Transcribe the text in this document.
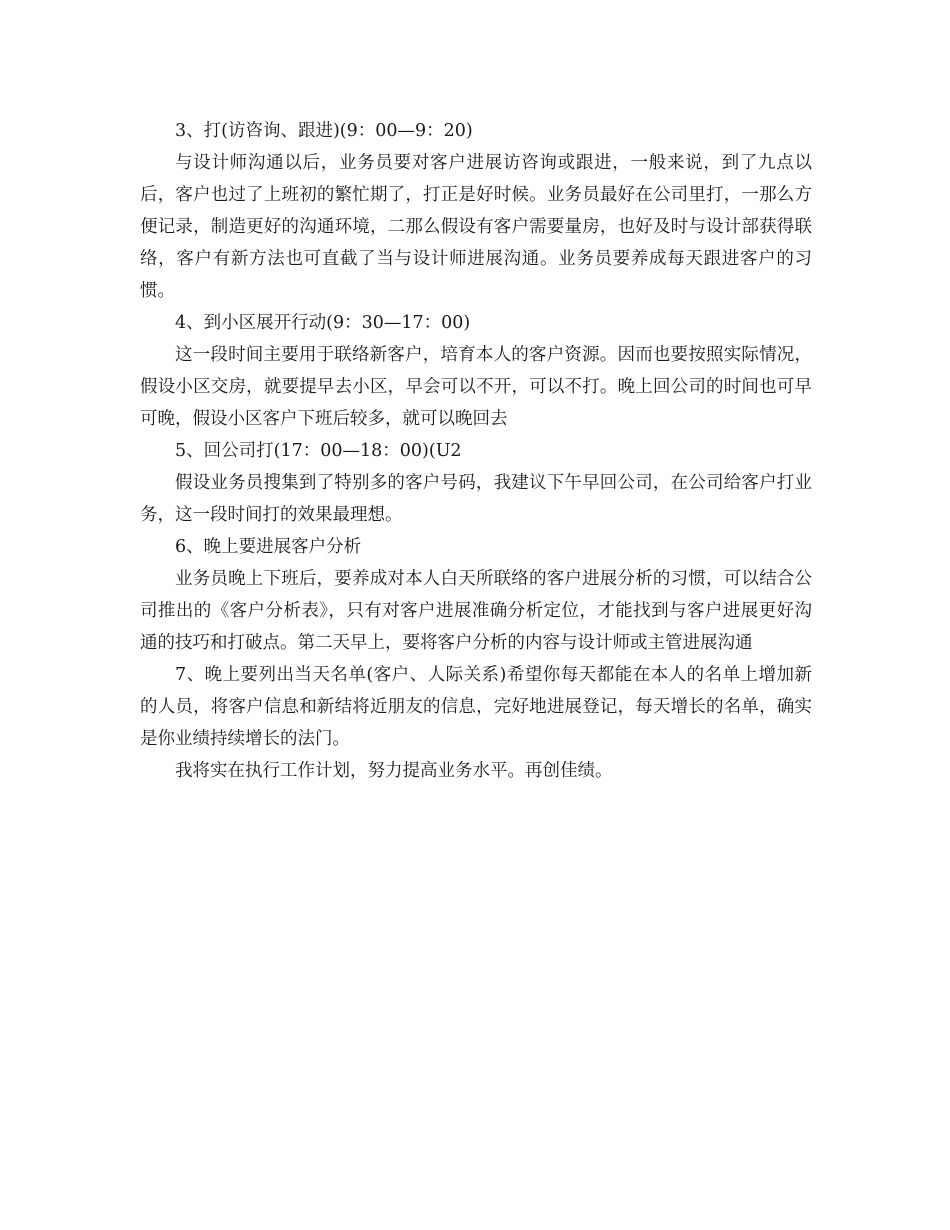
3、打(访咨询、跟进)(9：00—9：20)

与设计师沟通以后，业务员要对客户进展访咨询或跟进，一般来说，到了九点以后，客户也过了上班初的繁忙期了，打正是好时候。业务员最好在公司里打，一那么方便记录，制造更好的沟通环境，二那么假设有客户需要量房，也好及时与设计部获得联络，客户有新方法也可直截了当与设计师进展沟通。业务员要养成每天跟进客户的习惯。

4、到小区展开行动(9：30—17：00)

这一段时间主要用于联络新客户，培育本人的客户资源。因而也要按照实际情况，假设小区交房，就要提早去小区，早会可以不开，可以不打。晚上回公司的时间也可早可晚，假设小区客户下班后较多，就可以晚回去

5、回公司打(17：00—18：00)(U2

假设业务员搜集到了特别多的客户号码，我建议下午早回公司，在公司给客户打业务，这一段时间打的效果最理想。

6、晚上要进展客户分析

业务员晚上下班后，要养成对本人白天所联络的客户进展分析的习惯，可以结合公司推出的《客户分析表》，只有对客户进展准确分析定位，才能找到与客户进展更好沟通的技巧和打破点。第二天早上，要将客户分析的内容与设计师或主管进展沟通

7、晚上要列出当天名单(客户、人际关系)希望你每天都能在本人的名单上增加新的人员，将客户信息和新结将近朋友的信息，完好地进展登记，每天增长的名单，确实是你业绩持续增长的法门。

我将实在执行工作计划，努力提高业务水平。再创佳绩。
